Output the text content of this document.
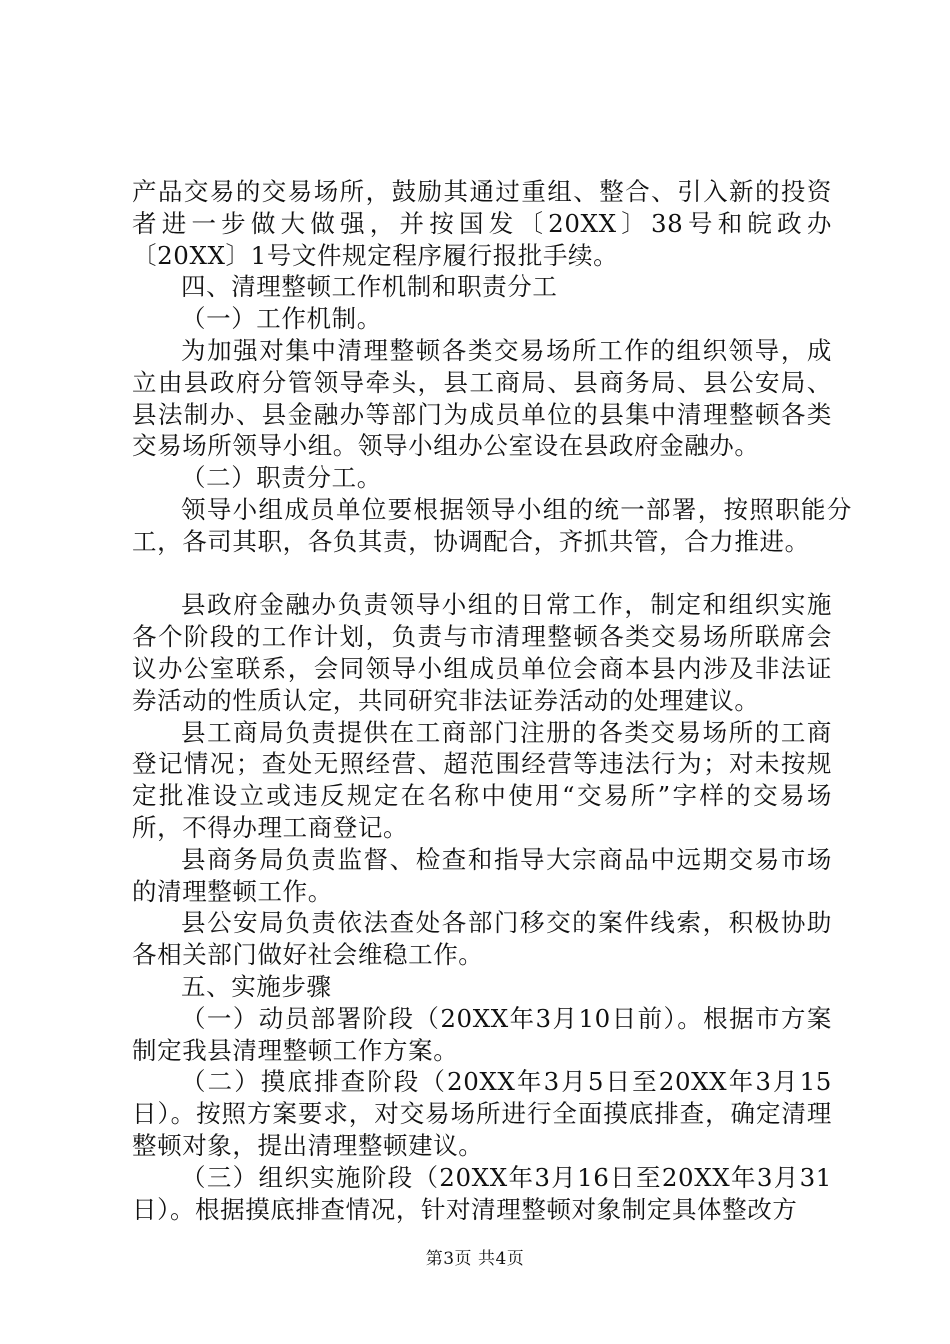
产品交易的交易场所，鼓励其通过重组、整合、引入新的投资者进一步做大做强，并按国发〔20XX〕38号和皖政办〔20XX〕1号文件规定程序履行报批手续。

四、清理整顿工作机制和职责分工

（一）工作机制。

为加强对集中清理整顿各类交易场所工作的组织领导，成立由县政府分管领导牵头，县工商局、县商务局、县公安局、县法制办、县金融办等部门为成员单位的县集中清理整顿各类交易场所领导小组。领导小组办公室设在县政府金融办。

（二）职责分工。

领导小组成员单位要根据领导小组的统一部署，按照职能分工，各司其职，各负其责，协调配合，齐抓共管，合力推进。

县政府金融办负责领导小组的日常工作，制定和组织实施各个阶段的工作计划，负责与市清理整顿各类交易场所联席会议办公室联系，会同领导小组成员单位会商本县内涉及非法证券活动的性质认定，共同研究非法证券活动的处理建议。

县工商局负责提供在工商部门注册的各类交易场所的工商登记情况；查处无照经营、超范围经营等违法行为；对未按规定批准设立或违反规定在名称中使用“交易所”字样的交易场所，不得办理工商登记。

县商务局负责监督、检查和指导大宗商品中远期交易市场的清理整顿工作。

县公安局负责依法查处各部门移交的案件线索，积极协助各相关部门做好社会维稳工作。

五、实施步骤

（一）动员部署阶段（20XX年3月10日前）。根据市方案制定我县清理整顿工作方案。

（二）摸底排查阶段（20XX年3月5日至20XX年3月15日）。按照方案要求，对交易场所进行全面摸底排查，确定清理整顿对象，提出清理整顿建议。

（三）组织实施阶段（20XX年3月16日至20XX年3月31日）。根据摸底排查情况，针对清理整顿对象制定具体整改方

第3页 共4页
